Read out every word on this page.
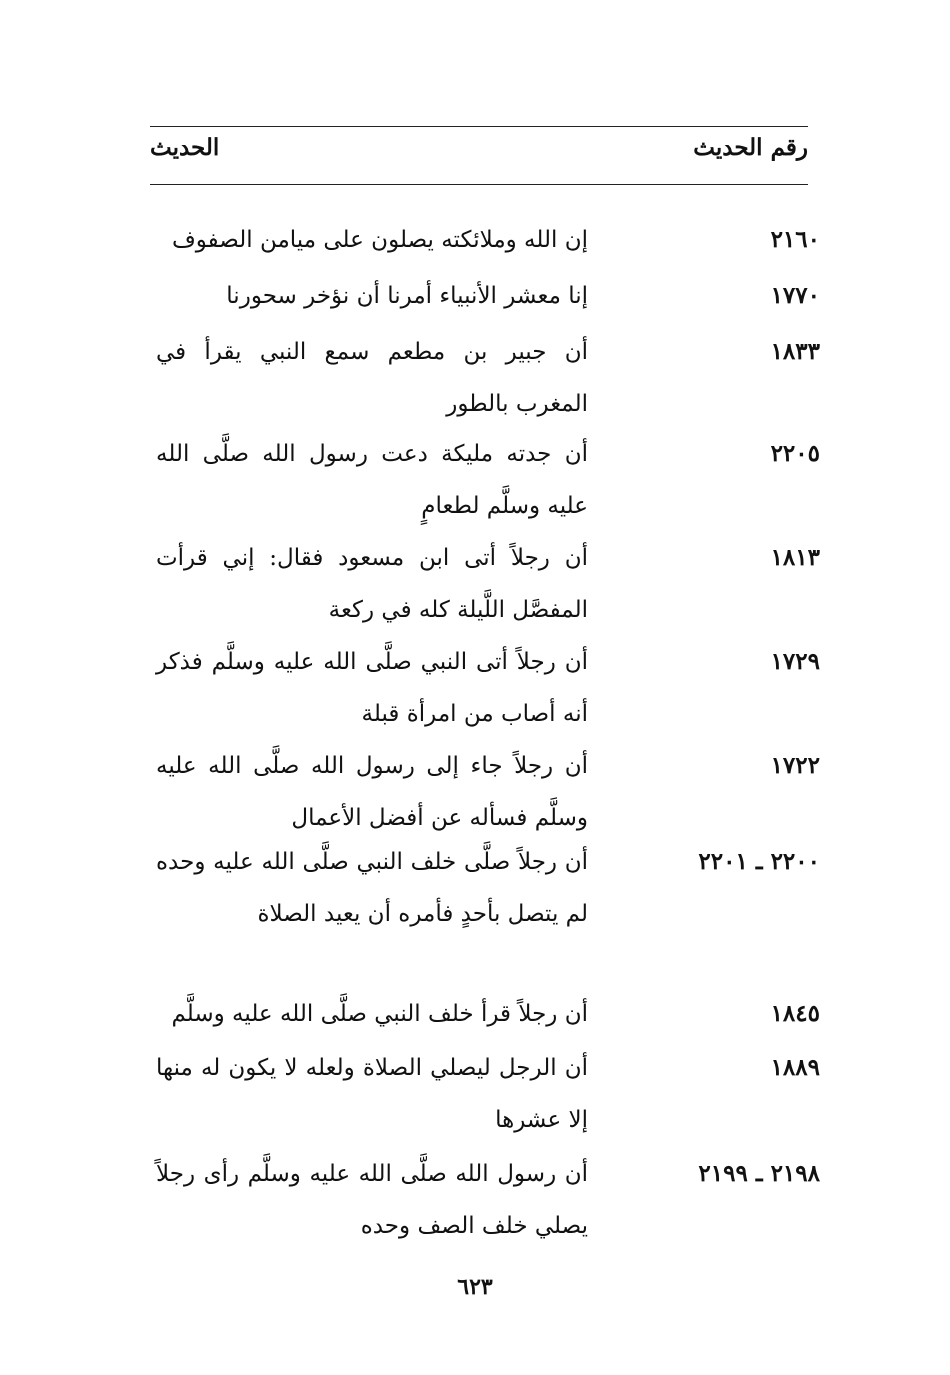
رقم الحديث
الحديث
٢١٦٠
إن الله وملائكته يصلون على ميامن الصفوف
١٧٧٠
إنا معشر الأنبياء أمرنا أن نؤخر سحورنا
١٨٣٣
أن جبير بن مطعم سمع النبي يقرأ في المغرب بالطور
٢٢٠٥
أن جدته مليكة دعت رسول الله صلَّى الله عليه وسلَّم لطعامٍ
١٨١٣
أن رجلاً أتى ابن مسعود فقال: إني قرأت المفصَّل اللَّيلة كله في ركعة
١٧٢٩
أن رجلاً أتى النبي صلَّى الله عليه وسلَّم فذكر أنه أصاب من امرأة قبلة
١٧٢٢
أن رجلاً جاء إلى رسول الله صلَّى الله عليه وسلَّم فسأله عن أفضل الأعمال
٢٢٠٠ ـ ٢٢٠١
أن رجلاً صلَّى خلف النبي صلَّى الله عليه وحده لم يتصل بأحدٍ فأمره أن يعيد الصلاة
١٨٤٥
أن رجلاً قرأ خلف النبي صلَّى الله عليه وسلَّم
١٨٨٩
أن الرجل ليصلي الصلاة ولعله لا يكون له منها إلا عشرها
٢١٩٨ ـ ٢١٩٩
أن رسول الله صلَّى الله عليه وسلَّم رأى رجلاً يصلي خلف الصف وحده
٦٢٣
